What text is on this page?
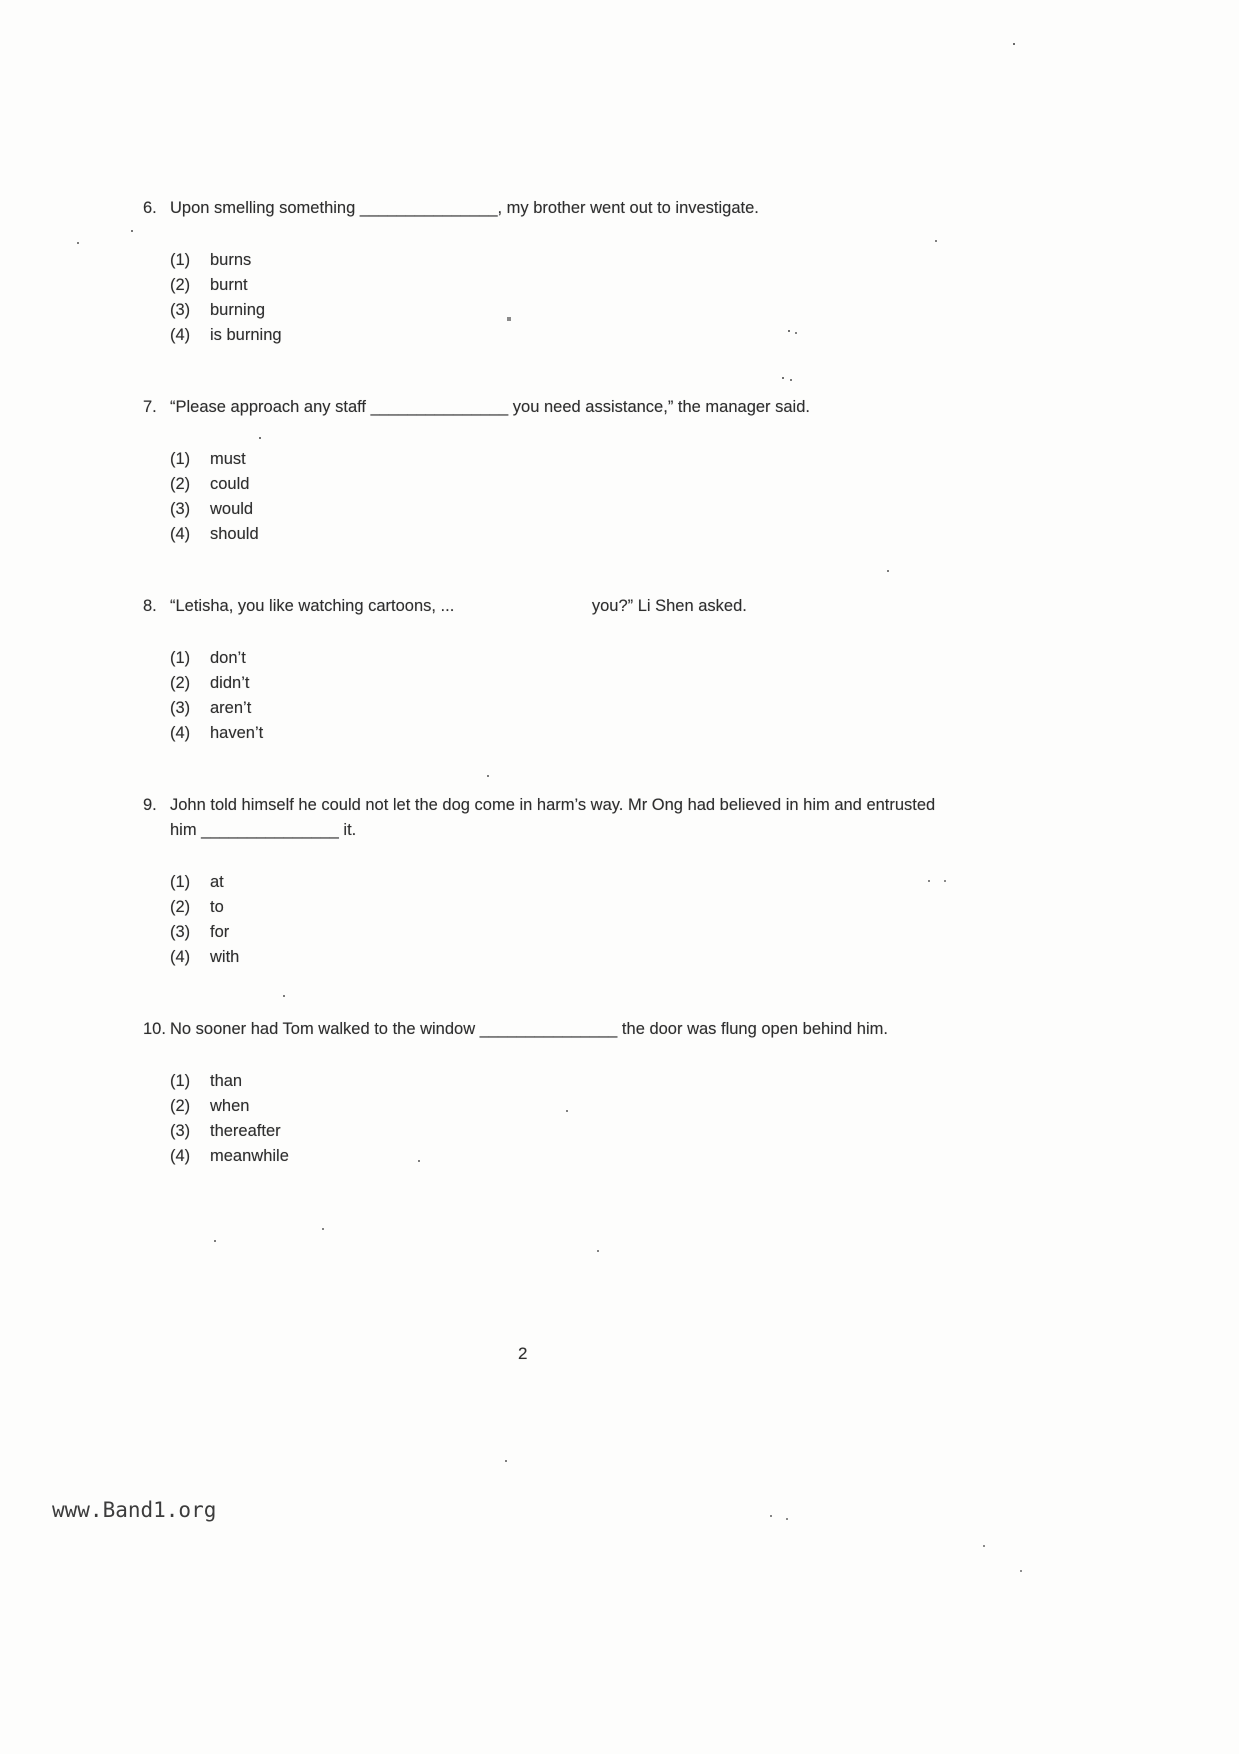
6. Upon smelling something _______________, my brother went out to investigate.
(1)	burns
(2)	burnt
(3)	burning
(4)	is burning
7. “Please approach any staff _______________ you need assistance,” the manager said.
(1)	must
(2)	could
(3)	would
(4)	should
8. “Letisha, you like watching cartoons, ...                              you?” Li Shen asked.
(1)	don’t
(2)	didn’t
(3)	aren’t
(4)	haven’t
9. John told himself he could not let the dog come in harm’s way. Mr Ong had believed in him and entrusted him _______________ it.
(1)	at
(2)	to
(3)	for
(4)	with
10. No sooner had Tom walked to the window _______________ the door was flung open behind him.
(1)	than
(2)	when
(3)	thereafter
(4)	meanwhile
2
www.Band1.org
